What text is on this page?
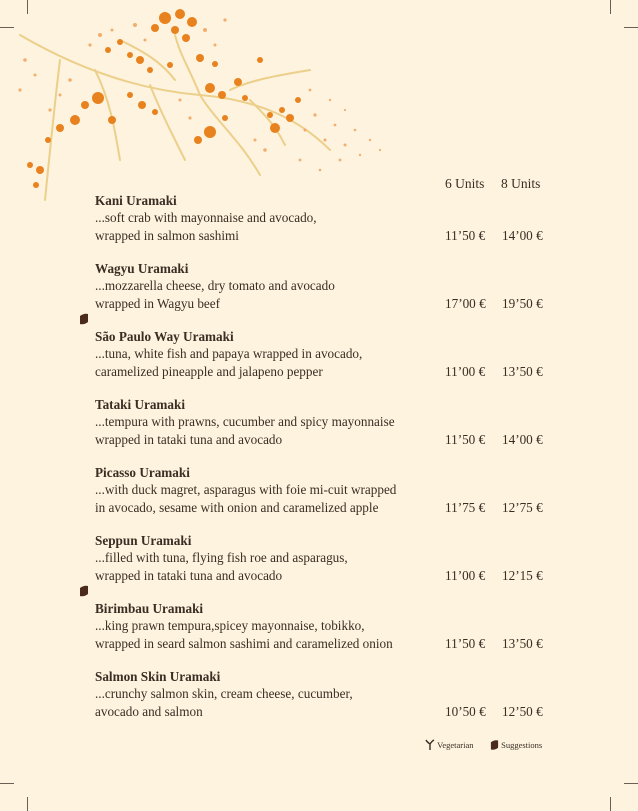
6 Units 8 Units
Kani Uramaki
...soft crab with mayonnaise and avocado,
wrapped in salmon sashimi	11’50 € 14’00 €
Wagyu Uramaki
...mozzarella cheese, dry tomato and avocado
wrapped in Wagyu beef	17’00 € 19’50 €
São Paulo Way Uramaki
...tuna, white fish and papaya wrapped in avocado,
caramelized pineapple and jalapeno pepper	11’00 € 13’50 €
Tataki Uramaki
...tempura with prawns, cucumber and spicy mayonnaise
wrapped in tataki tuna and avocado	11’50 € 14’00 €
Picasso Uramaki
...with duck magret, asparagus with foie mi-cuit wrapped
in avocado, sesame with onion and caramelized apple	11’75 € 12’75 €
Seppun Uramaki
...filled with tuna, flying fish roe and asparagus,
wrapped in tataki tuna and avocado	11’00 € 12’15 €
Birimbau Uramaki
...king prawn tempura,spicey mayonnaise, tobikko,
wrapped in seard salmon sashimi and caramelized onion	11’50 € 13’50 €
Salmon Skin Uramaki
...crunchy salmon skin, cream cheese, cucumber,
avocado and salmon	10’50 € 12’50 €
Vegetarian	Suggestions
